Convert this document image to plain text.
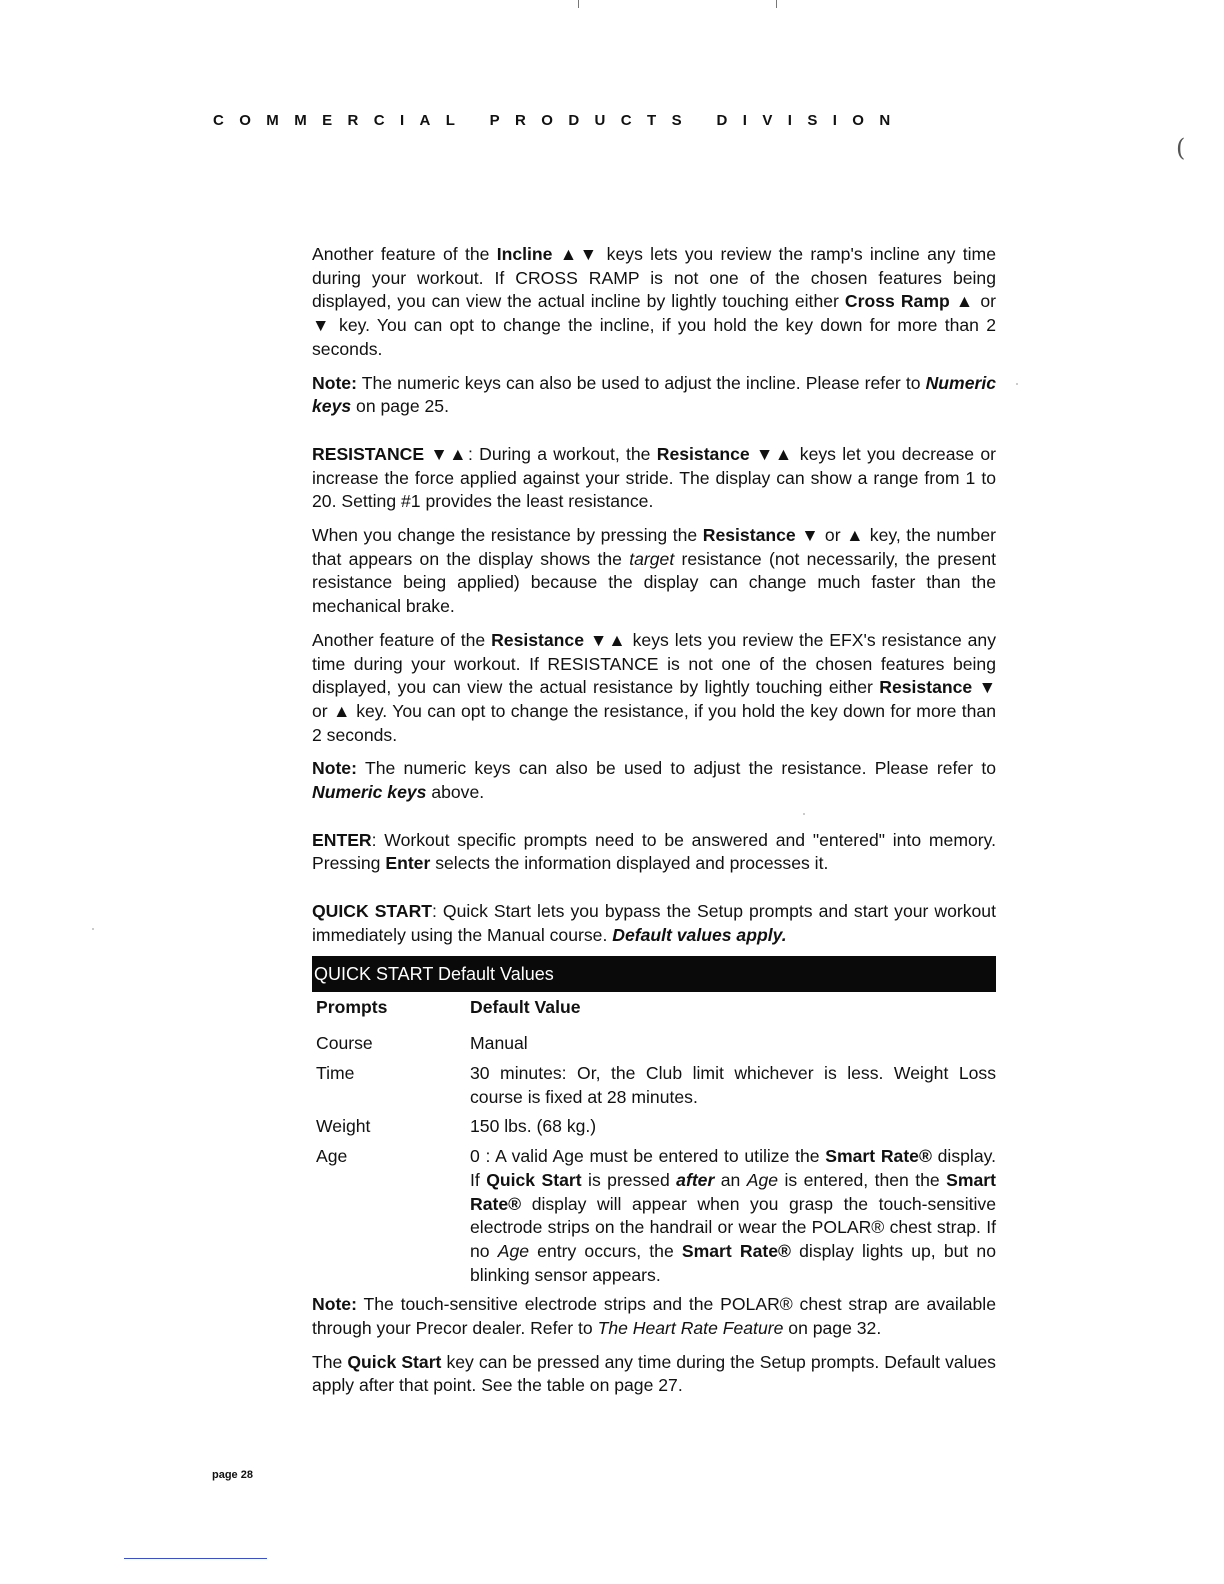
COMMERCIAL PRODUCTS DIVISION
(

Another feature of the Incline ▲▼ keys lets you review the ramp's incline any time during your workout. If CROSS RAMP is not one of the chosen features being displayed, you can view the actual incline by lightly touching either Cross Ramp ▲ or ▼ key. You can opt to change the incline, if you hold the key down for more than 2 seconds.

Note: The numeric keys can also be used to adjust the incline. Please refer to Numeric keys on page 25.

RESISTANCE ▼▲: During a workout, the Resistance ▼▲ keys let you decrease or increase the force applied against your stride. The display can show a range from 1 to 20. Setting #1 provides the least resistance.

When you change the resistance by pressing the Resistance ▼ or ▲ key, the number that appears on the display shows the target resistance (not necessarily, the present resistance being applied) because the display can change much faster than the mechanical brake.

Another feature of the Resistance ▼▲ keys lets you review the EFX's resistance any time during your workout. If RESISTANCE is not one of the chosen features being displayed, you can view the actual resistance by lightly touching either Resistance ▼ or ▲ key. You can opt to change the resistance, if you hold the key down for more than 2 seconds.

Note: The numeric keys can also be used to adjust the resistance. Please refer to Numeric keys above.

ENTER: Workout specific prompts need to be answered and "entered" into memory. Pressing Enter selects the information displayed and processes it.

QUICK START: Quick Start lets you bypass the Setup prompts and start your workout immediately using the Manual course. Default values apply.

QUICK START Default Values
Prompts	Default Value
Course	Manual
Time	30 minutes: Or, the Club limit whichever is less. Weight Loss course is fixed at 28 minutes.
Weight	150 lbs. (68 kg.)
Age	0 : A valid Age must be entered to utilize the Smart Rate® display. If Quick Start is pressed after an Age is entered, then the Smart Rate® display will appear when you grasp the touch-sensitive electrode strips on the handrail or wear the POLAR® chest strap. If no Age entry occurs, the Smart Rate® display lights up, but no blinking sensor appears.

Note: The touch-sensitive electrode strips and the POLAR® chest strap are available through your Precor dealer. Refer to The Heart Rate Feature on page 32.

The Quick Start key can be pressed any time during the Setup prompts. Default values apply after that point. See the table on page 27.

page 28
